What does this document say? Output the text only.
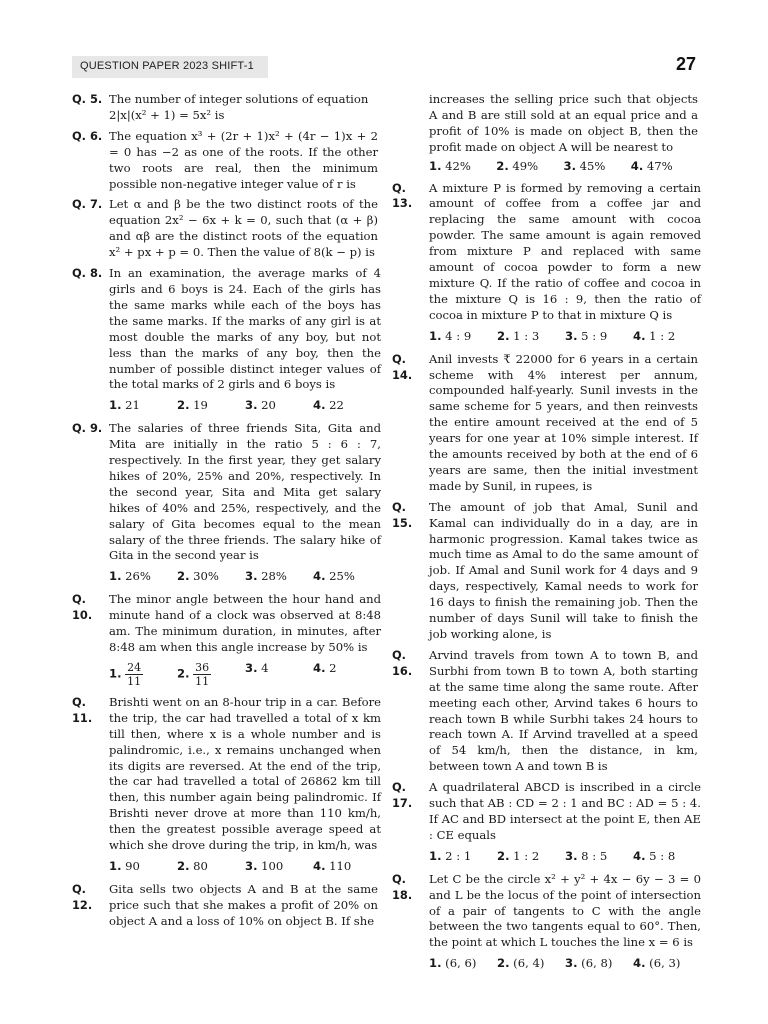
QUESTION PAPER 2023 SHIFT-1	27
Q. 5. The number of integer solutions of equation
2|x|(x² + 1) = 5x² is
Q. 6. The equation x³ + (2r + 1)x² + (4r − 1)x + 2 = 0 has −2 as one of the roots. If the other two roots are real, then the minimum possible non-negative integer value of r is
Q. 7. Let α and β be the two distinct roots of the equation 2x² − 6x + k = 0, such that (α + β) and αβ are the distinct roots of the equation x² + px + p = 0. Then the value of 8(k − p) is
Q. 8. In an examination, the average marks of 4 girls and 6 boys is 24. Each of the girls has the same marks while each of the boys has the same marks. If the marks of any girl is at most double the marks of any boy, but not less than the marks of any boy, then the number of possible distinct integer values of the total marks of 2 girls and 6 boys is
1. 21	2. 19	3. 20	4. 22
Q. 9. The salaries of three friends Sita, Gita and Mita are initially in the ratio 5 : 6 : 7, respectively. In the first year, they get salary hikes of 20%, 25% and 20%, respectively. In the second year, Sita and Mita get salary hikes of 40% and 25%, respectively, and the salary of Gita becomes equal to the mean salary of the three friends. The salary hike of Gita in the second year is
1. 26%	2. 30%	3. 28%	4. 25%
Q. 10.
The minor angle between the hour hand and minute hand of a clock was observed at 8:48 am. The minimum duration, in minutes, after 8:48 am when this angle increase by 50% is
1. $\frac{24}{11}$	2. $\frac{36}{11}$	3. 4	4. 2
Q. 11.
Brishti went on an 8-hour trip in a car. Before the trip, the car had travelled a total of x km till then, where x is a whole number and is palindromic, i.e., x remains unchanged when its digits are reversed. At the end of the trip, the car had travelled a total of 26862 km till then, this number again being palindromic. If Brishti never drove at more than 110 km/h, then the greatest possible average speed at which she drove during the trip, in km/h, was
1. 90	2. 80	3. 100	4. 110
Q. 12.
Gita sells two objects A and B at the same price such that she makes a profit of 20% on object A and a loss of 10% on object B. If she
increases the selling price such that objects A and B are still sold at an equal price and a profit of 10% is made on object B, then the profit made on object A will be nearest to
1. 42%	2. 49%	3. 45%	4. 47%
Q. 13.
A mixture P is formed by removing a certain amount of coffee from a coffee jar and replacing the same amount with cocoa powder. The same amount is again removed from mixture P and replaced with same amount of cocoa powder to form a new mixture Q. If the ratio of coffee and cocoa in the mixture Q is 16 : 9, then the ratio of cocoa in mixture P to that in mixture Q is
1. 4 : 9	2. 1 : 3	3. 5 : 9	4. 1 : 2
Q. 14.
Anil invests ₹ 22000 for 6 years in a certain scheme with 4% interest per annum, compounded half-yearly. Sunil invests in the same scheme for 5 years, and then reinvests the entire amount received at the end of 5 years for one year at 10% simple interest. If the amounts received by both at the end of 6 years are same, then the initial investment made by Sunil, in rupees, is
Q. 15.
The amount of job that Amal, Sunil and Kamal can individually do in a day, are in harmonic progression. Kamal takes twice as much time as Amal to do the same amount of job. If Amal and Sunil work for 4 days and 9 days, respectively, Kamal needs to work for 16 days to finish the remaining job. Then the number of days Sunil will take to finish the job working alone, is
Q. 16.
Arvind travels from town A to town B, and Surbhi from town B to town A, both starting at the same time along the same route. After meeting each other, Arvind takes 6 hours to reach town B while Surbhi takes 24 hours to reach town A. If Arvind travelled at a speed of 54 km/h, then the distance, in km, between town A and town B is
Q. 17.
A quadrilateral ABCD is inscribed in a circle such that AB : CD = 2 : 1 and BC : AD = 5 : 4. If AC and BD intersect at the point E, then AE : CE equals
1. 2 : 1	2. 1 : 2	3. 8 : 5	4. 5 : 8
Q. 18.
Let C be the circle x² + y² + 4x − 6y − 3 = 0 and L be the locus of the point of intersection of a pair of tangents to C with the angle between the two tangents equal to 60°. Then, the point at which L touches the line x = 6 is
1. (6, 6)	2. (6, 4)	3. (6, 8)	4. (6, 3)
